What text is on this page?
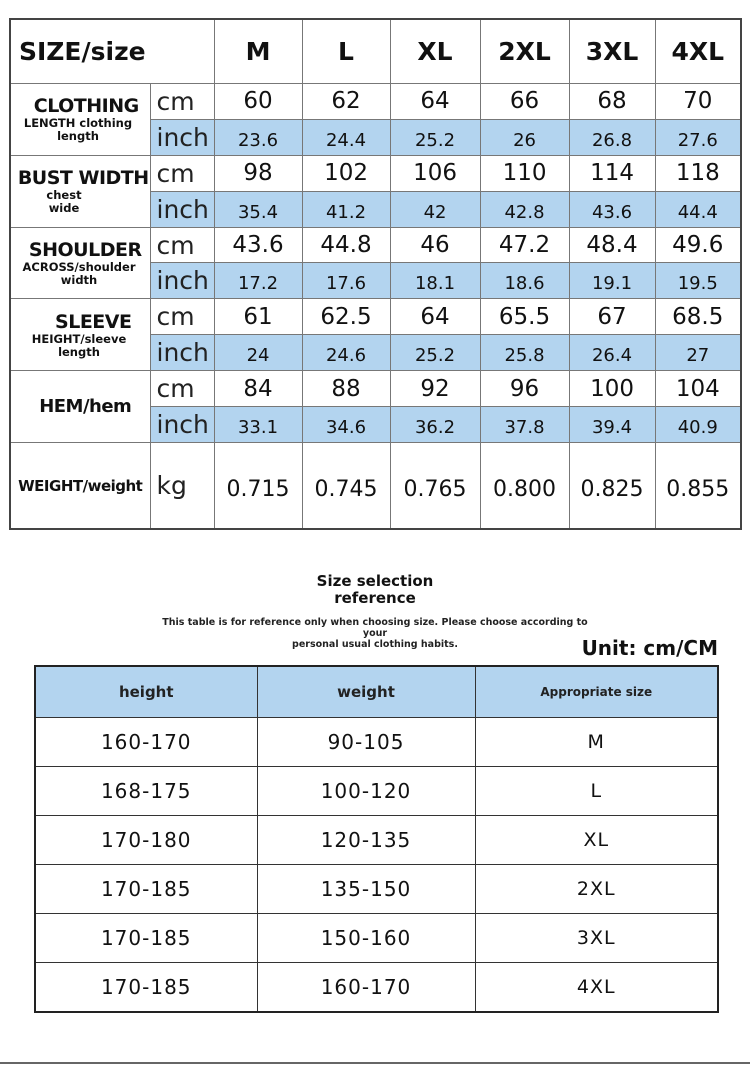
SIZE/size		M	L	XL	2XL	3XL	4XL

CLOTHING
LENGTH clothing length	cm	60	62	64	66	68	70
	inch	23.6	24.4	25.2	26	26.8	27.6

BUST WIDTH
chest wide	cm	98	102	106	110	114	118
	inch	35.4	41.2	42	42.8	43.6	44.4

SHOULDER
ACROSS/shoulder width	cm	43.6	44.8	46	47.2	48.4	49.6
	inch	17.2	17.6	18.1	18.6	19.1	19.5

SLEEVE
HEIGHT/sleeve length	cm	61	62.5	64	65.5	67	68.5
	inch	24	24.6	25.2	25.8	26.4	27

HEM/hem	cm	84	88	92	96	100	104
	inch	33.1	34.6	36.2	37.8	39.4	40.9

WEIGHT/weight	kg	0.715	0.745	0.765	0.800	0.825	0.855
Size selection
reference
This table is for reference only when choosing size. Please choose according to your
personal usual clothing habits.	Unit: cm/CM
height	weight	Appropriate size
160-170	90-105	M
168-175	100-120	L
170-180	120-135	XL
170-185	135-150	2XL
170-185	150-160	3XL
170-185	160-170	4XL
